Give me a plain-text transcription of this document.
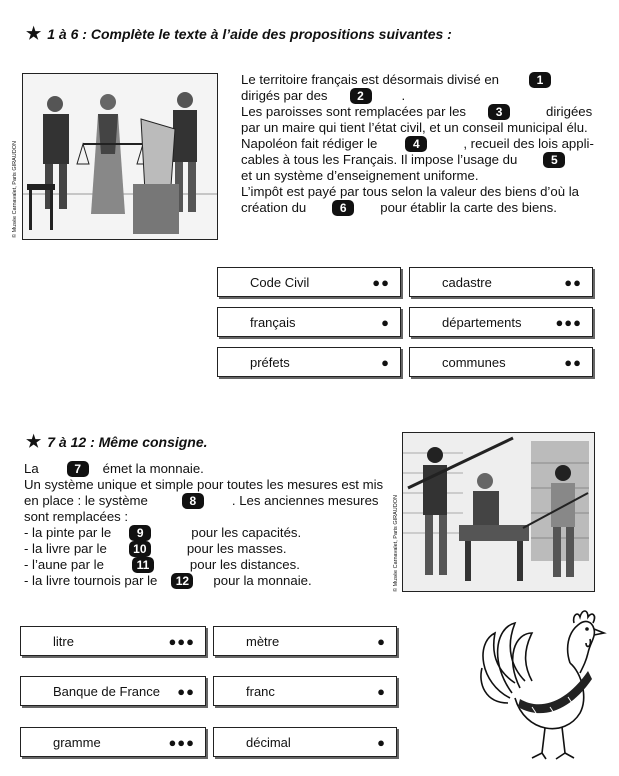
★ 1 à 6 : Complète le texte à l’aide des propositions suivantes :
© Musée Carnavalet, Paris GIRAUDON
Le territoire français est désormais divisé en	1
dirigés par des 2	.
Les paroisses sont remplacées par les 3	dirigées
par un maire qui tient l’état civil, et un conseil municipal élu.
Napoléon fait rédiger le	4	, recueil des lois appli-
cables à tous les Français. Il impose l’usage du	5
et un système d’enseignement uniforme.
L’impôt est payé par tous selon la valeur des biens d’où la
création du	6	pour établir la carte des biens.
Code Civil	●●	cadastre	●●
français	●	départements	●●●
préfets	●	communes	●●
★ 7 à 12 : Même consigne.
La	7 émet la monnaie.
Un système unique et simple pour toutes les mesures est mis
en place : le système	8	. Les anciennes mesures
sont remplacées :
- la pinte par le 9	pour les capacités.
- la livre par le 10	pour les masses.
- l’aune par le	11	pour les distances.
- la livre tournois par le 12 pour la monnaie.	© Musée Carnavalet, Paris GIRAUDON
litre	●●●	mètre	●
Banque de France ●●	franc	●
gramme	●●●	décimal	●
